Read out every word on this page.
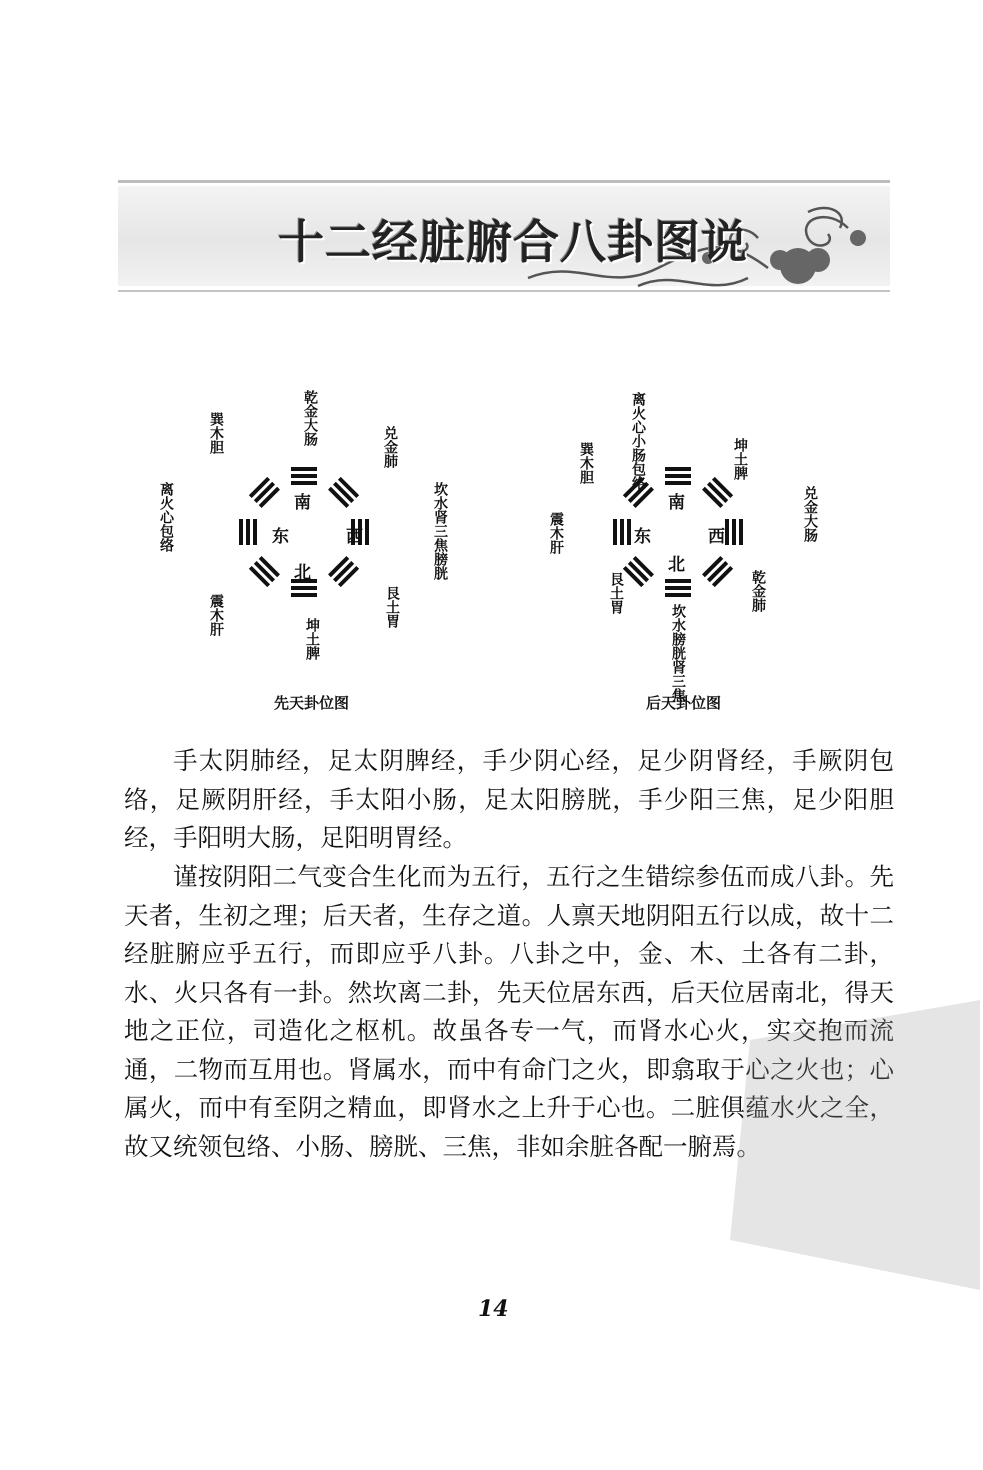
十二经脏腑合八卦图说
南
西
北
东
乾金大肠
兑金肺
坎水肾三焦膀胱
艮土胃
坤土脾
震木肝
离火心包络
巽木胆
先天卦位图
南
西
北
东
离火心小肠包络	坤土脾
兑金大肠
乾金肺
坎水膀胱肾三焦
艮土胃
震木肝
巽木胆
后天卦位图

手太阴肺经，足太阴脾经，手少阴心经，足少阴肾经，手厥阴包络，足厥阴肝经，手太阳小肠，足太阳膀胱，手少阳三焦，足少阳胆经，手阳明大肠，足阳明胃经。

谨按阴阳二气变合生化而为五行，五行之生错综参伍而成八卦。先天者，生初之理；后天者，生存之道。人禀天地阴阳五行以成，故十二经脏腑应乎五行，而即应乎八卦。八卦之中，金、木、土各有二卦，水、火只各有一卦。然坎离二卦，先天位居东西，后天位居南北，得天地之正位，司造化之枢机。故虽各专一气，而肾水心火，实交抱而流通，二物而互用也。肾属水，而中有命门之火，即翕取于心之火也；心属火，而中有至阴之精血，即肾水之上升于心也。二脏俱蕴水火之全，故又统领包络、小肠、膀胱、三焦，非如余脏各配一腑焉。

14
